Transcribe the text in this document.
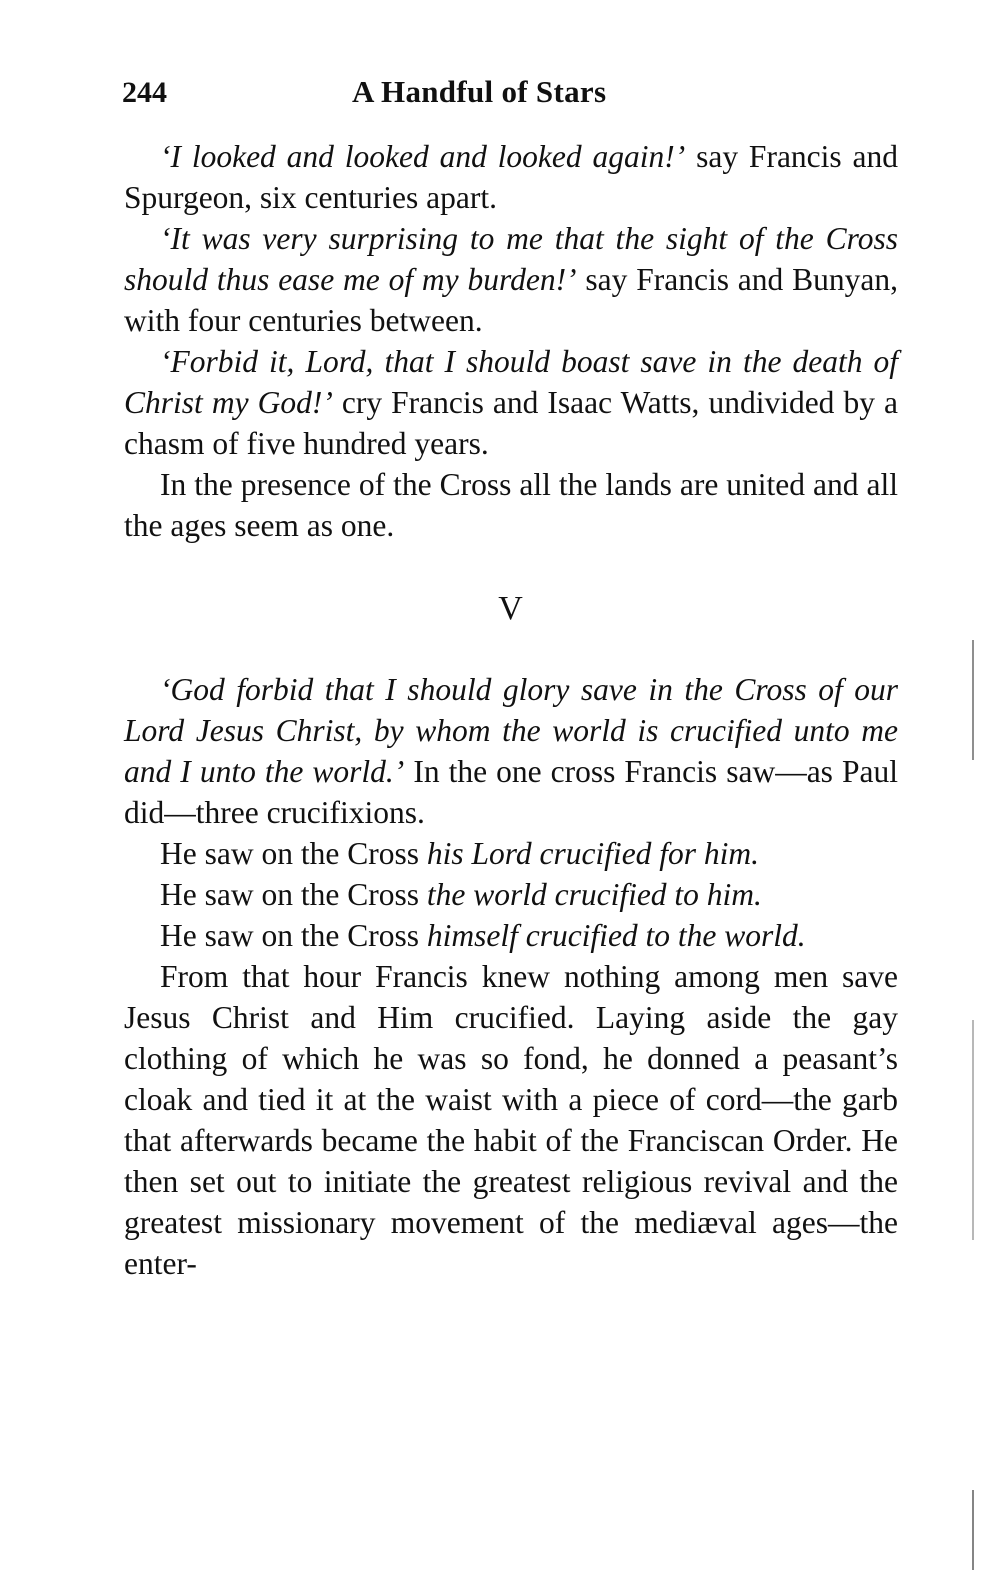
244	A Handful of Stars

‘I looked and looked and looked again!’ say Francis and Spurgeon, six centuries apart.

‘It was very surprising to me that the sight of the Cross should thus ease me of my burden!’ say Francis and Bunyan, with four centuries between.

‘Forbid it, Lord, that I should boast save in the death of Christ my God!’ cry Francis and Isaac Watts, undivided by a chasm of five hundred years.

In the presence of the Cross all the lands are united and all the ages seem as one.

V

‘God forbid that I should glory save in the Cross of our Lord Jesus Christ, by whom the world is crucified unto me and I unto the world.’ In the one cross Francis saw—as Paul did—three crucifixions.

He saw on the Cross his Lord crucified for him.

He saw on the Cross the world crucified to him.

He saw on the Cross himself crucified to the world.

From that hour Francis knew nothing among men save Jesus Christ and Him crucified. Laying aside the gay clothing of which he was so fond, he donned a peasant’s cloak and tied it at the waist with a piece of cord—the garb that afterwards became the habit of the Franciscan Order. He then set out to initiate the greatest religious revival and the greatest missionary movement of the mediæval ages—the enter-
